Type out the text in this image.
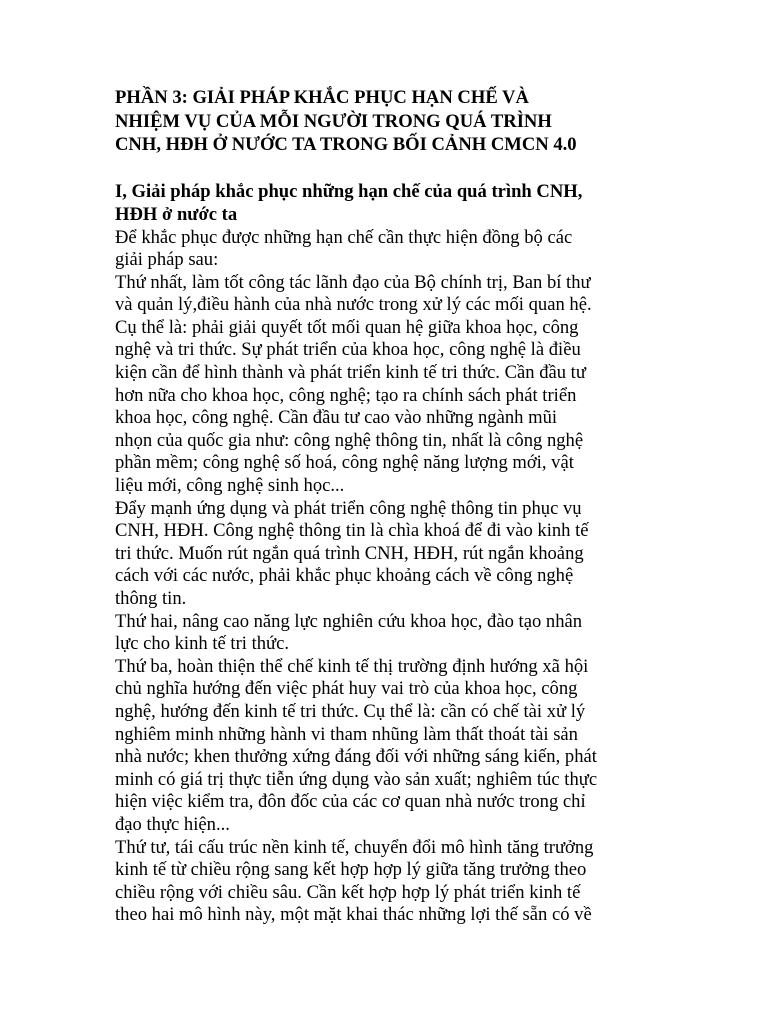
PHẦN 3: GIẢI PHÁP KHẮC PHỤC HẠN CHẾ VÀ
NHIỆM VỤ CỦA MỖI NGƯỜI TRONG QUÁ TRÌNH
CNH, HĐH Ở NƯỚC TA TRONG BỐI CẢNH CMCN 4.0
I, Giải pháp khắc phục những hạn chế của quá trình CNH,
HĐH ở nước ta
Để khắc phục được những hạn chế cần thực hiện đồng bộ các
giải pháp sau:
Thứ nhất, làm tốt công tác lãnh đạo của Bộ chính trị, Ban bí thư
và quản lý,điều hành của nhà nước trong xử lý các mối quan hệ.
Cụ thể là: phải giải quyết tốt mối quan hệ giữa khoa học, công
nghệ và tri thức. Sự phát triển của khoa học, công nghệ là điều
kiện cần để hình thành và phát triển kinh tế tri thức. Cần đầu tư
hơn nữa cho khoa học, công nghệ; tạo ra chính sách phát triển
khoa học, công nghệ. Cần đầu tư cao vào những ngành mũi
nhọn của quốc gia như: công nghệ thông tin, nhất là công nghệ
phần mềm; công nghệ số hoá, công nghệ năng lượng mới, vật
liệu mới, công nghệ sinh học...
Đẩy mạnh ứng dụng và phát triển công nghệ thông tin phục vụ
CNH, HĐH. Công nghệ thông tin là chìa khoá để đi vào kinh tế
tri thức. Muốn rút ngắn quá trình CNH, HĐH, rút ngắn khoảng
cách với các nước, phải khắc phục khoảng cách về công nghệ
thông tin.
Thứ hai, nâng cao năng lực nghiên cứu khoa học, đào tạo nhân
lực cho kinh tế tri thức.
Thứ ba, hoàn thiện thể chế kinh tế thị trường định hướng xã hội
chủ nghĩa hướng đến việc phát huy vai trò của khoa học, công
nghệ, hướng đến kinh tế tri thức. Cụ thể là: cần có chế tài xử lý
nghiêm minh những hành vi tham nhũng làm thất thoát tài sản
nhà nước; khen thưởng xứng đáng đối với những sáng kiến, phát
minh có giá trị thực tiễn ứng dụng vào sản xuất; nghiêm túc thực
hiện việc kiểm tra, đôn đốc của các cơ quan nhà nước trong chỉ
đạo thực hiện...
Thứ tư, tái cấu trúc nền kinh tế, chuyển đổi mô hình tăng trưởng
kinh tế từ chiều rộng sang kết hợp hợp lý giữa tăng trưởng theo
chiều rộng với chiều sâu. Cần kết hợp hợp lý phát triển kinh tế
theo hai mô hình này, một mặt khai thác những lợi thế sẵn có về
